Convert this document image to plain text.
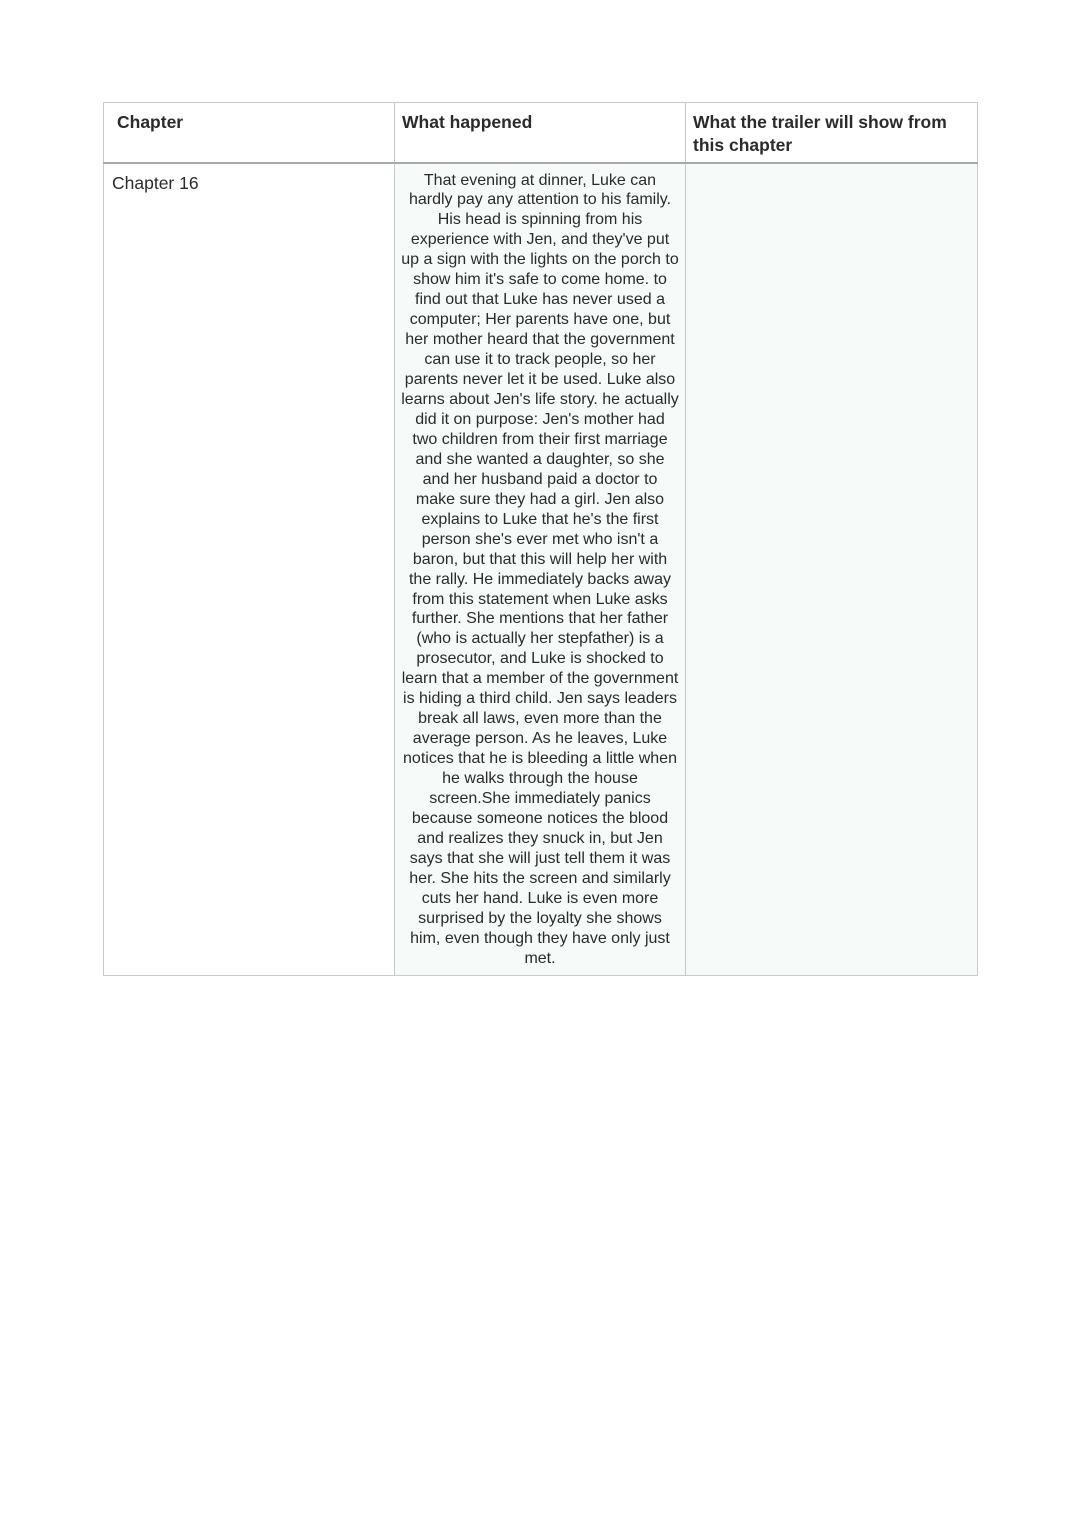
Chapter	What happened	What the trailer will show from this chapter
Chapter 16	That evening at dinner, Luke can hardly pay any attention to his family. His head is spinning from his experience with Jen, and they've put up a sign with the lights on the porch to show him it's safe to come home. to find out that Luke has never used a computer; Her parents have one, but her mother heard that the government can use it to track people, so her parents never let it be used. Luke also learns about Jen's life story. he actually did it on purpose: Jen's mother had two children from their first marriage and she wanted a daughter, so she and her husband paid a doctor to make sure they had a girl. Jen also explains to Luke that he's the first person she's ever met who isn't a baron, but that this will help her with the rally. He immediately backs away from this statement when Luke asks further. She mentions that her father (who is actually her stepfather) is a prosecutor, and Luke is shocked to learn that a member of the government is hiding a third child. Jen says leaders break all laws, even more than the average person. As he leaves, Luke notices that he is bleeding a little when he walks through the house screen.She immediately panics because someone notices the blood and realizes they snuck in, but Jen says that she will just tell them it was her. She hits the screen and similarly cuts her hand. Luke is even more surprised by the loyalty she shows him, even though they have only just met.	
